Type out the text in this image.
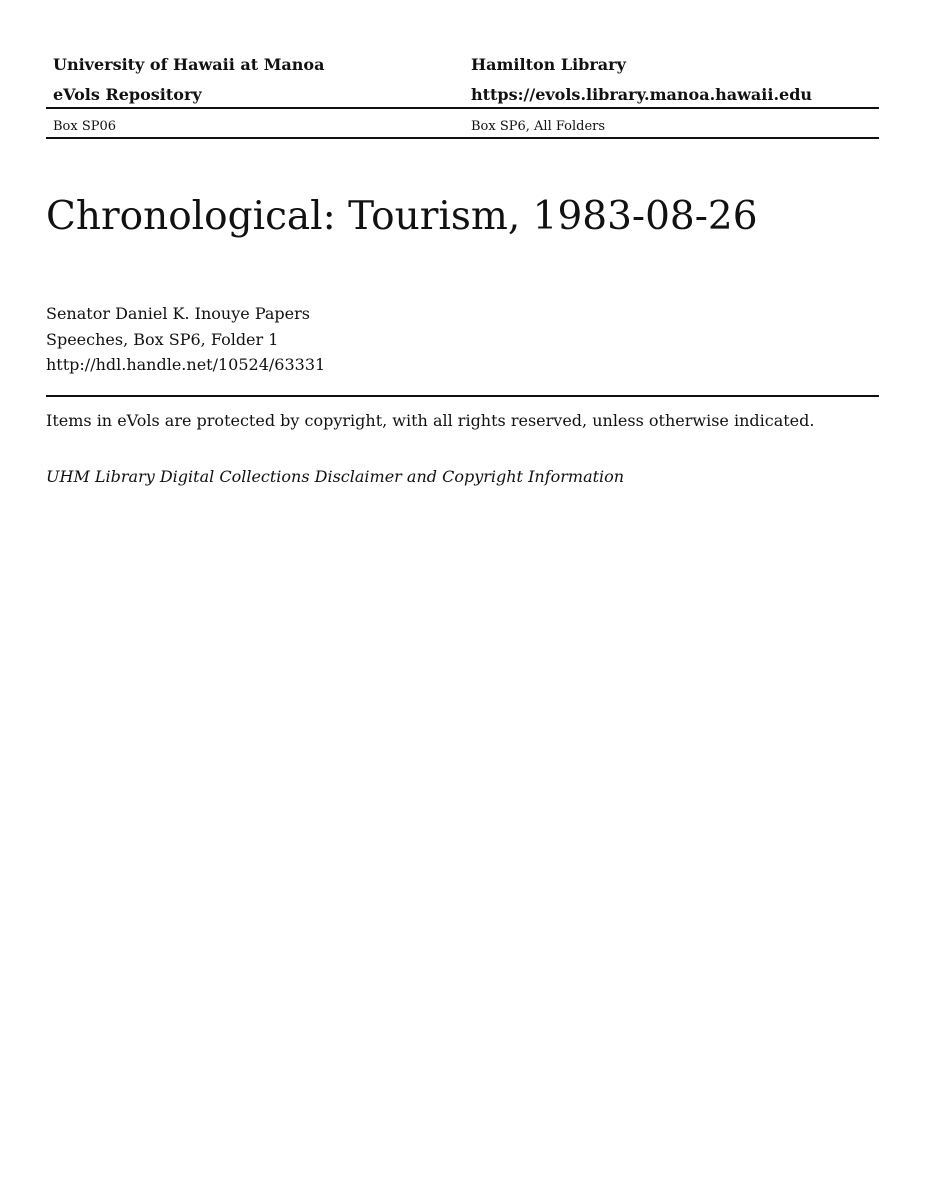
University of Hawaii at Manoa	Hamilton Library
eVols Repository	https://evols.library.manoa.hawaii.edu
Box SP06	Box SP6, All Folders
Chronological: Tourism, 1983-08-26
Senator Daniel K. Inouye Papers
Speeches, Box SP6, Folder 1
http://hdl.handle.net/10524/63331
Items in eVols are protected by copyright, with all rights reserved, unless otherwise indicated.
UHM Library Digital Collections Disclaimer and Copyright Information
